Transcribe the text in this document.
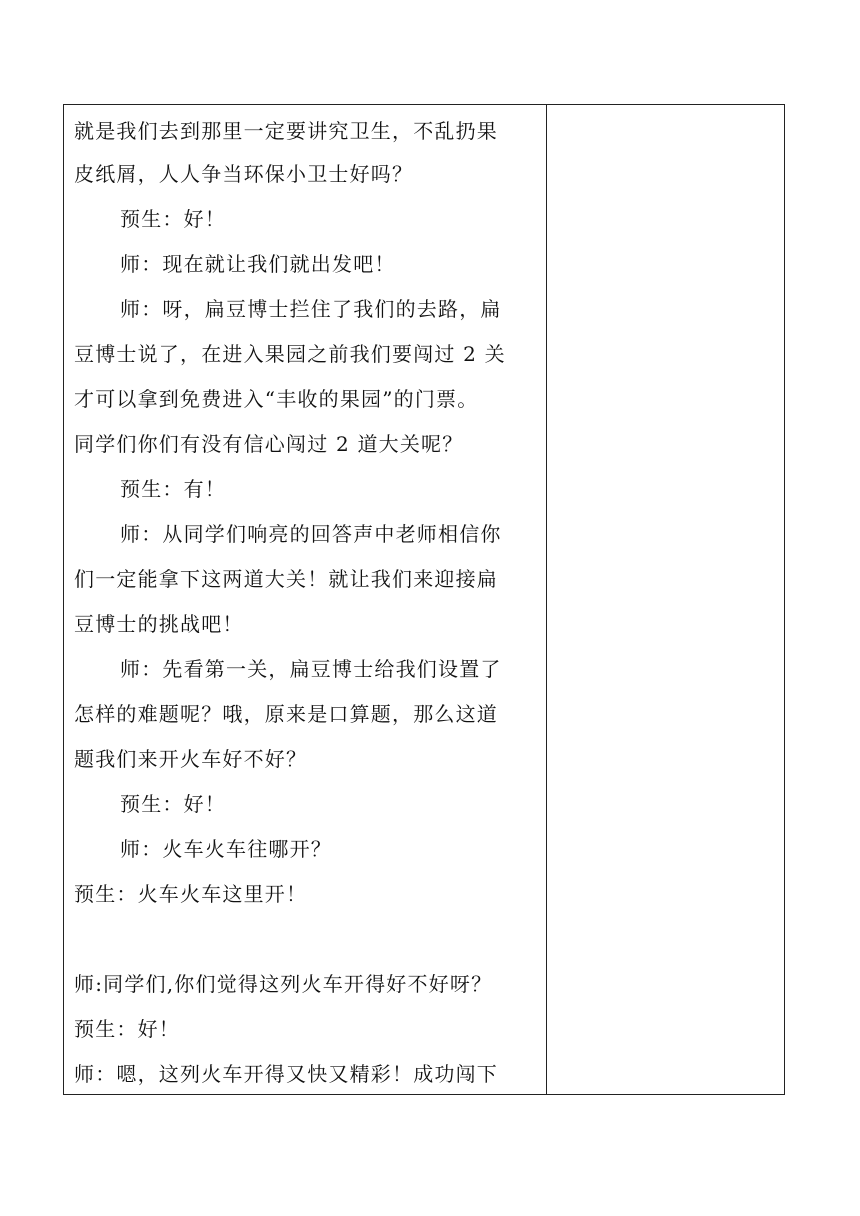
就是我们去到那里一定要讲究卫生，不乱扔果
皮纸屑，人人争当环保小卫士好吗？
预生：好！
师：现在就让我们就出发吧！
师：呀，扁豆博士拦住了我们的去路，扁
豆博士说了，在进入果园之前我们要闯过 2 关
才可以拿到免费进入“丰收的果园”的门票。
同学们你们有没有信心闯过 2 道大关呢？
预生：有！
师：从同学们响亮的回答声中老师相信你
们一定能拿下这两道大关！就让我们来迎接扁
豆博士的挑战吧！
师：先看第一关，扁豆博士给我们设置了
怎样的难题呢？哦，原来是口算题，那么这道
题我们来开火车好不好？
预生：好！
师：火车火车往哪开？
预生：火车火车这里开！
师:同学们,你们觉得这列火车开得好不好呀？
预生：好！
师：嗯，这列火车开得又快又精彩！成功闯下
